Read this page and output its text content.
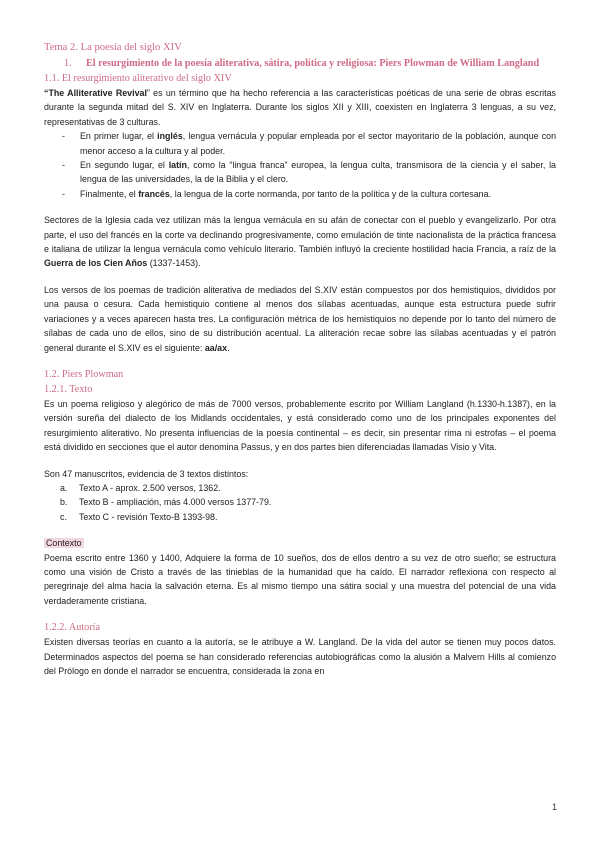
Tema 2. La poesía del siglo XIV
1.	El resurgimiento de la poesía aliterativa, sátira, política y religiosa: Piers Plowman de William Langland
1.1. El resurgimiento aliterativo del siglo XIV

“The Alliterative Revival” es un término que ha hecho referencia a las características poéticas de una serie de obras escritas durante la segunda mitad del S. XIV en Inglaterra. Durante los siglos XII y XIII, coexisten en Inglaterra 3 lenguas, a su vez, representativas de 3 culturas.

-	En primer lugar, el inglés, lengua vernácula y popular empleada por el sector mayoritario de la población, aunque con menor acceso a la cultura y al poder.
-	En segundo lugar, el latín, como la “lingua franca” europea, la lengua culta, transmisora de la ciencia y el saber, la lengua de las universidades, la de la Biblia y el clero.
-	Finalmente, el francés, la lengua de la corte normanda, por tanto de la política y de la cultura cortesana.

Sectores de la Iglesia cada vez utilizan más la lengua vernácula en su afán de conectar con el pueblo y evangelizarlo. Por otra parte, el uso del francés en la corte va declinando progresivamente, como emulación de tinte nacionalista de la práctica francesa e italiana de utilizar la lengua vernácula como vehículo literario. También influyó la creciente hostilidad hacia Francia, a raíz de la Guerra de los Cien Años (1337-1453).

Los versos de los poemas de tradición aliterativa de mediados del S.XIV están compuestos por dos hemistiquios, divididos por una pausa o cesura. Cada hemistiquio contiene al menos dos sílabas acentuadas, aunque esta estructura puede sufrir variaciones y a veces aparecen hasta tres. La configuración métrica de los hemistiquios no depende por lo tanto del número de sílabas de cada uno de ellos, sino de su distribución acentual. La aliteración recae sobre las sílabas acentuadas y el patrón general durante el S.XIV es el siguiente: aa/ax.

1.2. Piers Plowman
1.2.1. Texto

Es un poema religioso y alegórico de más de 7000 versos, probablemente escrito por William Langland (h.1330-h.1387), en la versión sureña del dialecto de los Midlands occidentales, y está considerado como uno de los principales exponentes del resurgimiento aliterativo. No presenta influencias de la poesía continental – es decir, sin presentar rima ni estrofas – el poema está dividido en secciones que el autor denomina Passus, y en dos partes bien diferenciadas llamadas Visio y Vita.

Son 47 manuscritos, evidencia de 3 textos distintos:

a.	Texto A - aprox. 2.500 versos, 1362.
b.	Texto B - ampliación, más 4.000 versos 1377-79.
c.	Texto C - revisión Texto-B 1393-98.
Contexto

Poema escrito entre 1360 y 1400, Adquiere la forma de 10 sueños, dos de ellos dentro a su vez de otro sueño; se estructura como una visión de Cristo a través de las tinieblas de la humanidad que ha caído. El narrador reflexiona con respecto al peregrinaje del alma hacia la salvación eterna. Es al mismo tiempo una sátira social y una muestra del potencial de una vida verdaderamente cristiana.

1.2.2. Autoría

Existen diversas teorías en cuanto a la autoría, se le atribuye a W. Langland. De la vida del autor se tienen muy pocos datos. Determinados aspectos del poema se han considerado referencias autobiográficas como la alusión a Malvern Hills al comienzo del Prólogo en donde el narrador se encuentra, considerada la zona en

1
